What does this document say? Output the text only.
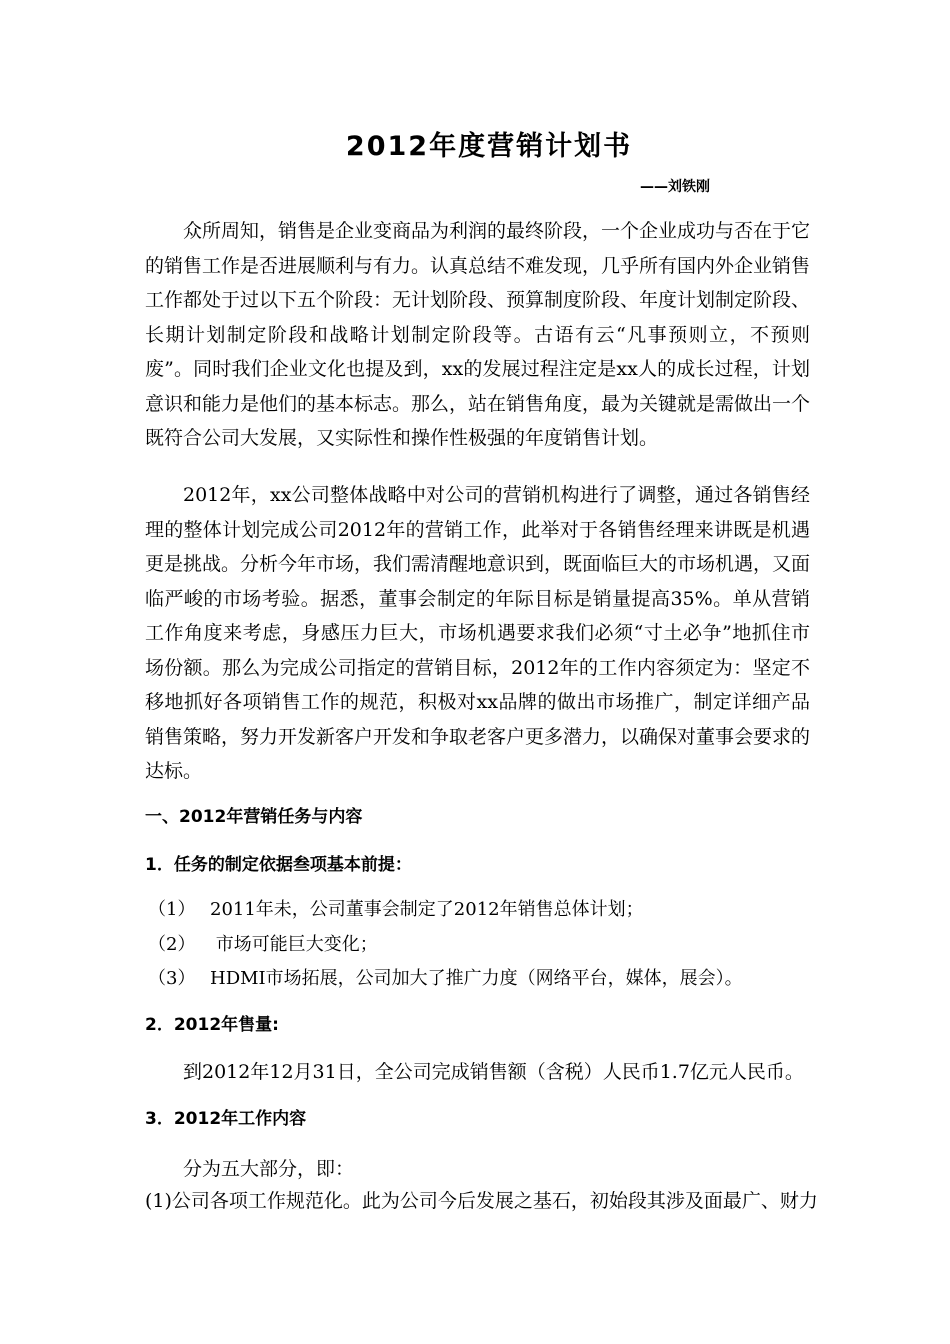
2012年度营销计划书
——刘铁刚

众所周知，销售是企业变商品为利润的最终阶段，一个企业成功与否在于它的销售工作是否进展顺利与有力。认真总结不难发现，几乎所有国内外企业销售工作都处于过以下五个阶段：无计划阶段、预算制度阶段、年度计划制定阶段、长期计划制定阶段和战略计划制定阶段等。古语有云“凡事预则立，不预则废”。同时我们企业文化也提及到，xx的发展过程注定是xx人的成长过程，计划意识和能力是他们的基本标志。那么，站在销售角度，最为关键就是需做出一个既符合公司大发展，又实际性和操作性极强的年度销售计划。

2012年，xx公司整体战略中对公司的营销机构进行了调整，通过各销售经理的整体计划完成公司2012年的营销工作，此举对于各销售经理来讲既是机遇更是挑战。分析今年市场，我们需清醒地意识到，既面临巨大的市场机遇，又面临严峻的市场考验。据悉，董事会制定的年际目标是销量提高35%。单从营销工作角度来考虑，身感压力巨大，市场机遇要求我们必须“寸土必争”地抓住市场份额。那么为完成公司指定的营销目标，2012年的工作内容须定为：坚定不移地抓好各项销售工作的规范，积极对xx品牌的做出市场推广，制定详细产品销售策略，努力开发新客户开发和争取老客户更多潜力，以确保对董事会要求的达标。

一、2012年营销任务与内容
1．任务的制定依据叁项基本前提：
（1） 2011年未，公司董事会制定了2012年销售总体计划；
（2） 市场可能巨大变化；
（3） HDMI市场拓展，公司加大了推广力度（网络平台，媒体，展会）。
2．2012年售量:
到2012年12月31日，全公司完成销售额（含税）人民币1.7亿元人民币。
3．2012年工作内容
分为五大部分，即：
(1)公司各项工作规范化。此为公司今后发展之基石，初始段其涉及面最广、财力
